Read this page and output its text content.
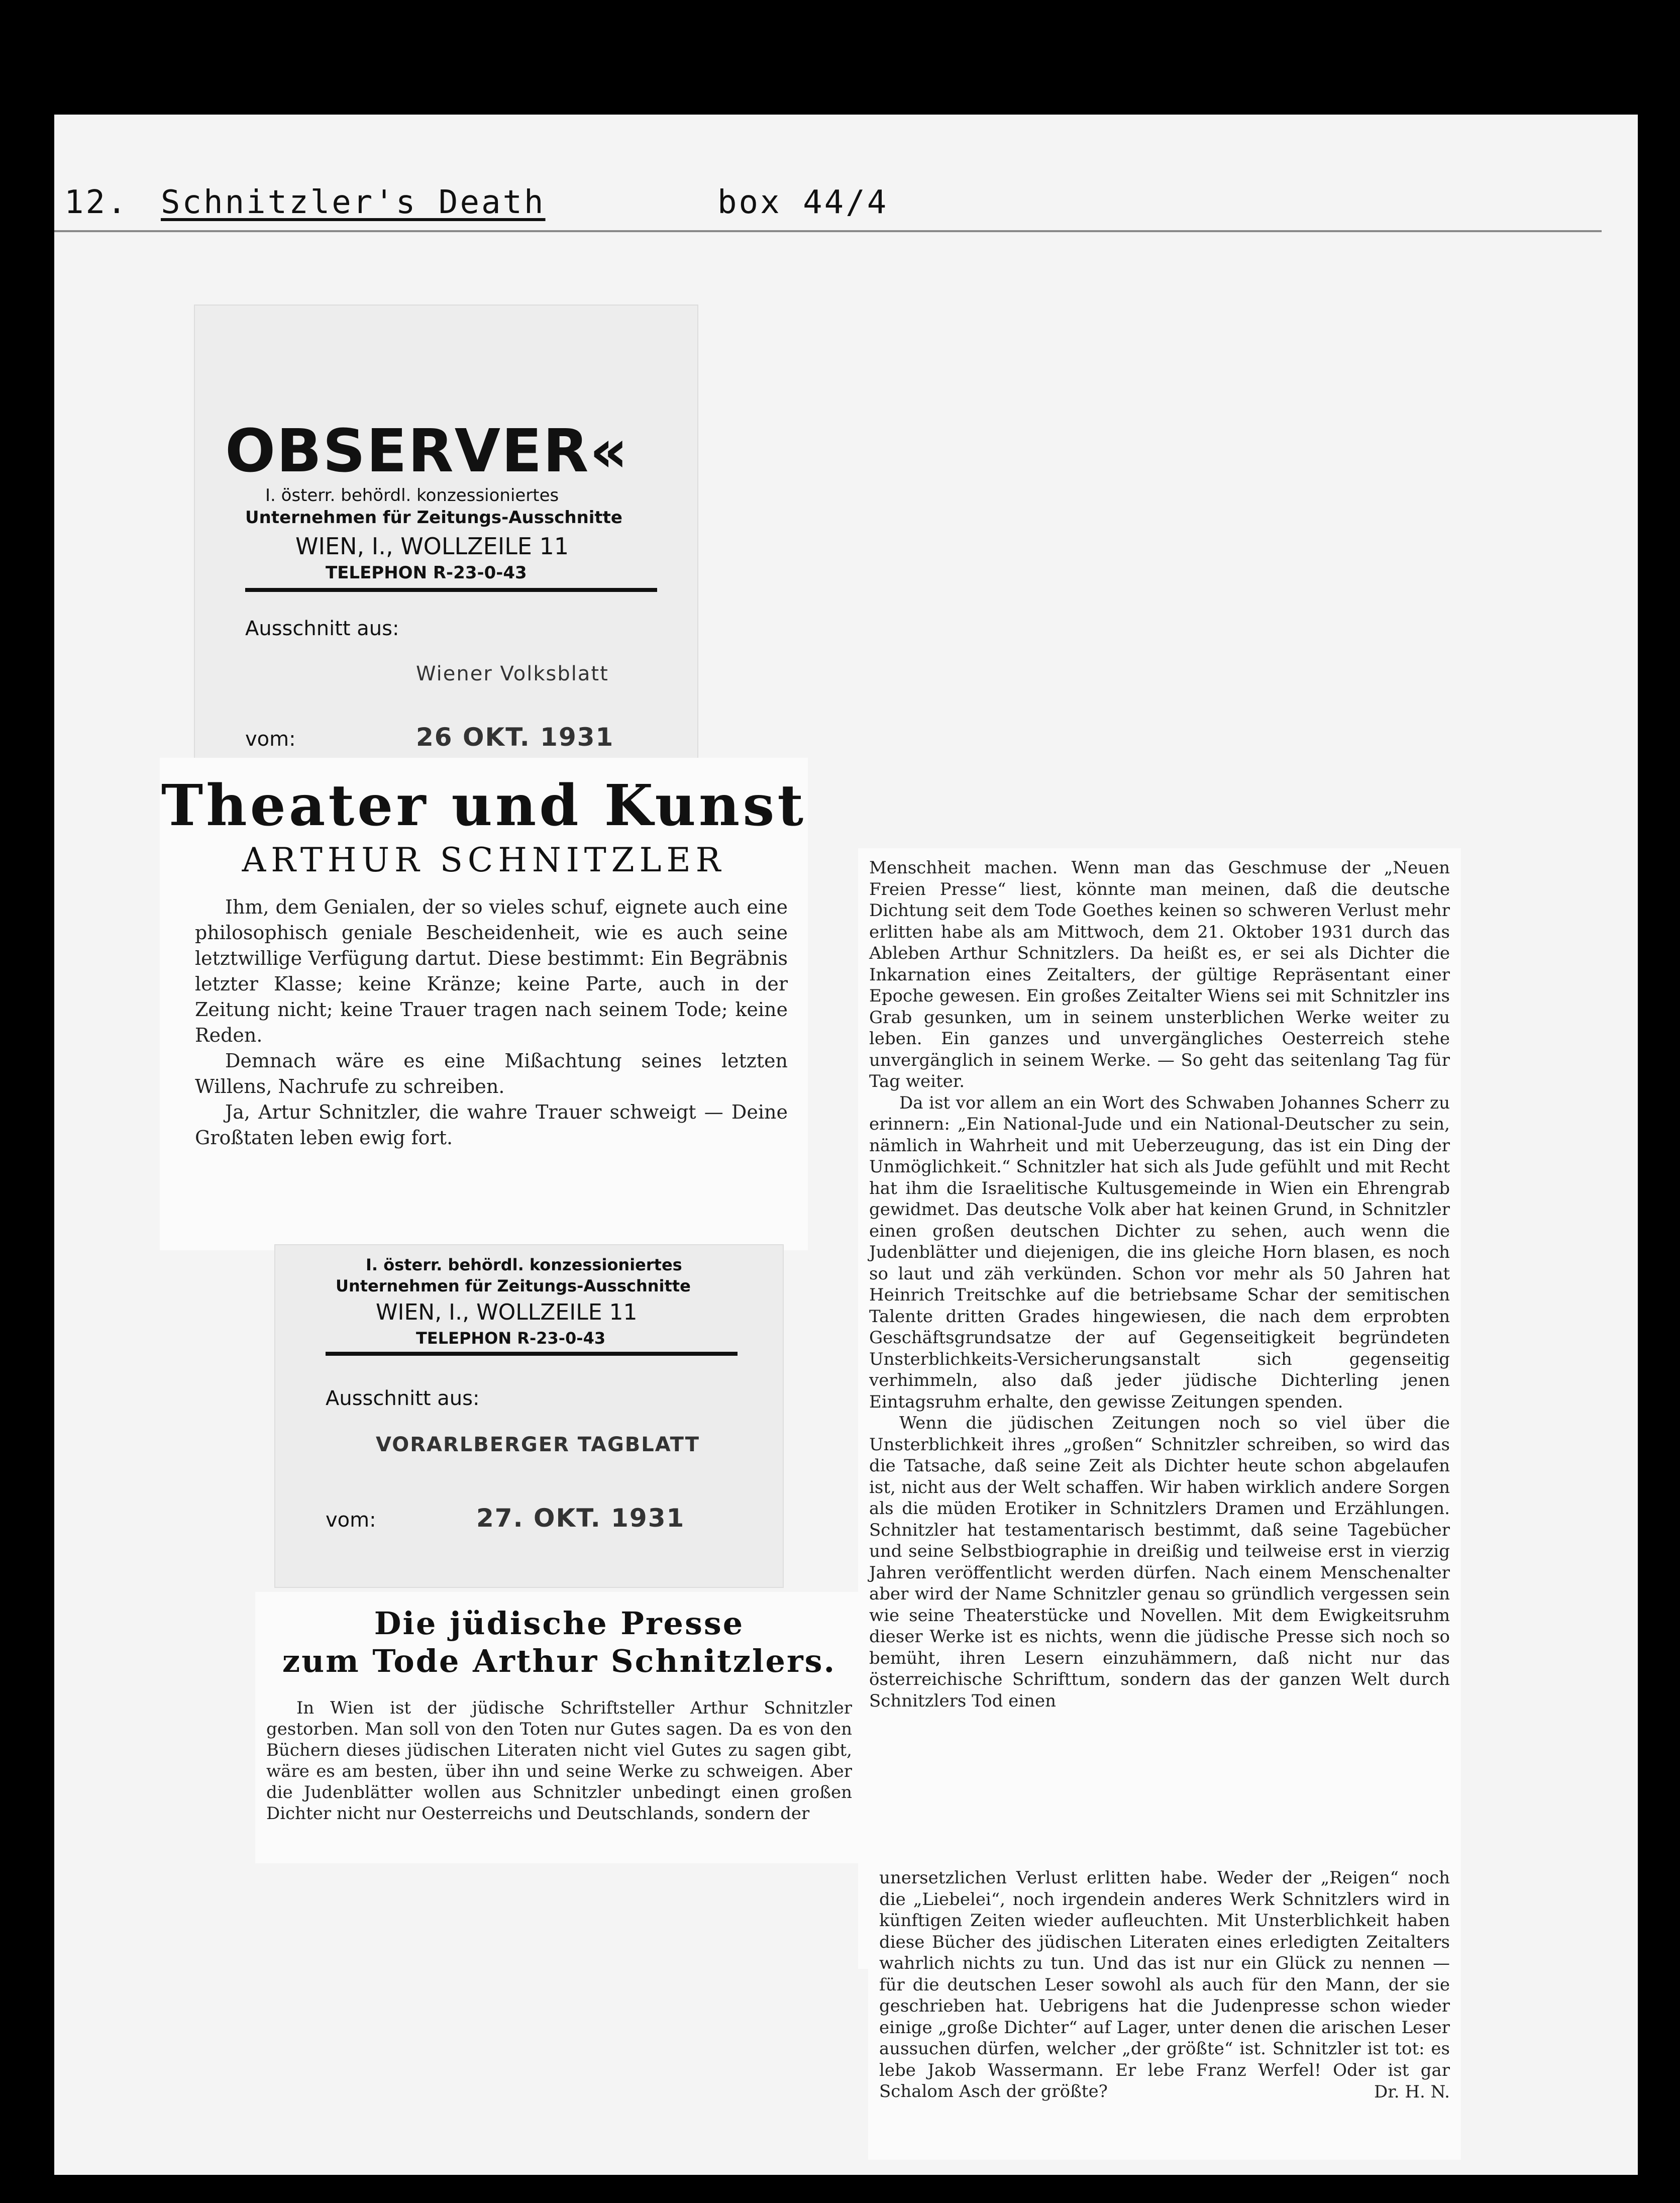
12. Schnitzler's Death	box 44/4
OBSERVER«
I. österr. behördl. konzessioniertes
Unternehmen für Zeitungs-Ausschnitte
WIEN, I., WOLLZEILE 11
TELEPHON R-23-0-43
Ausschnitt aus:
Wiener Volksblatt
vom:	26 OKT. 1931
Theater und Kunst
ARTHUR SCHNITZLER

Ihm, dem Genialen, der so vieles schuf, eignete auch eine philosophisch geniale Bescheidenheit, wie es auch seine letztwillige Verfügung dartut. Diese bestimmt: Ein Begräbnis letzter Klasse; keine Kränze; keine Parte, auch in der Zeitung nicht; keine Trauer tragen nach seinem Tode; keine Reden.

Demnach wäre es eine Mißachtung seines letzten Willens, Nachrufe zu schreiben.

Ja, Artur Schnitzler, die wahre Trauer schweigt — Deine Großtaten leben ewig fort.

I. österr. behördl. konzessioniertes
Unternehmen für Zeitungs-Ausschnitte
WIEN, I., WOLLZEILE 11
TELEPHON R-23-0-43
Ausschnitt aus:
VORARLBERGER TAGBLATT
vom:	27. OKT. 1931
Die jüdische Presse
zum Tode Arthur Schnitzlers.

In Wien ist der jüdische Schriftsteller Arthur Schnitzler gestorben. Man soll von den Toten nur Gutes sagen. Da es von den Büchern dieses jüdischen Literaten nicht viel Gutes zu sagen gibt, wäre es am besten, über ihn und seine Werke zu schweigen. Aber die Judenblätter wollen aus Schnitzler unbedingt einen großen Dichter nicht nur Oesterreichs und Deutschlands, sondern der

Menschheit machen. Wenn man das Geschmuse der „Neuen Freien Presse“ liest, könnte man meinen, daß die deutsche Dichtung seit dem Tode Goethes keinen so schweren Verlust mehr erlitten habe als am Mittwoch, dem 21. Oktober 1931 durch das Ableben Arthur Schnitzlers. Da heißt es, er sei als Dichter die Inkarnation eines Zeitalters, der gültige Repräsentant einer Epoche gewesen. Ein großes Zeitalter Wiens sei mit Schnitzler ins Grab gesunken, um in seinem unsterblichen Werke weiter zu leben. Ein ganzes und unvergängliches Oesterreich stehe unvergänglich in seinem Werke. — So geht das seitenlang Tag für Tag weiter.

Da ist vor allem an ein Wort des Schwaben Johannes Scherr zu erinnern: „Ein National-Jude und ein National-Deutscher zu sein, nämlich in Wahrheit und mit Ueberzeugung, das ist ein Ding der Unmöglichkeit.“ Schnitzler hat sich als Jude gefühlt und mit Recht hat ihm die Israelitische Kultusgemeinde in Wien ein Ehrengrab gewidmet. Das deutsche Volk aber hat keinen Grund, in Schnitzler einen großen deutschen Dichter zu sehen, auch wenn die Judenblätter und diejenigen, die ins gleiche Horn blasen, es noch so laut und zäh verkünden. Schon vor mehr als 50 Jahren hat Heinrich Treitschke auf die betriebsame Schar der semitischen Talente dritten Grades hingewiesen, die nach dem erprobten Geschäftsgrundsatze der auf Gegenseitigkeit begründeten Unsterblichkeits-Versicherungsanstalt sich gegenseitig verhimmeln, also daß jeder jüdische Dichterling jenen Eintagsruhm erhalte, den gewisse Zeitungen spenden.

Wenn die jüdischen Zeitungen noch so viel über die Unsterblichkeit ihres „großen“ Schnitzler schreiben, so wird das die Tatsache, daß seine Zeit als Dichter heute schon abgelaufen ist, nicht aus der Welt schaffen. Wir haben wirklich andere Sorgen als die müden Erotiker in Schnitzlers Dramen und Erzählungen. Schnitzler hat testamentarisch bestimmt, daß seine Tagebücher und seine Selbstbiographie in dreißig und teilweise erst in vierzig Jahren veröffentlicht werden dürfen. Nach einem Menschenalter aber wird der Name Schnitzler genau so gründlich vergessen sein wie seine Theaterstücke und Novellen. Mit dem Ewigkeitsruhm dieser Werke ist es nichts, wenn die jüdische Presse sich noch so bemüht, ihren Lesern einzuhämmern, daß nicht nur das österreichische Schrifttum, sondern das der ganzen Welt durch Schnitzlers Tod einen

unersetzlichen Verlust erlitten habe. Weder der „Reigen“ noch die „Liebelei“, noch irgendein anderes Werk Schnitzlers wird in künftigen Zeiten wieder aufleuchten. Mit Unsterblichkeit haben diese Bücher des jüdischen Literaten eines erledigten Zeitalters wahrlich nichts zu tun. Und das ist nur ein Glück zu nennen — für die deutschen Leser sowohl als auch für den Mann, der sie geschrieben hat. Uebrigens hat die Judenpresse schon wieder einige „große Dichter“ auf Lager, unter denen die arischen Leser aussuchen dürfen, welcher „der größte“ ist. Schnitzler ist tot: es lebe Jakob Wassermann. Er lebe Franz Werfel! Oder ist gar Schalom Asch der größte?	Dr. H. N.
